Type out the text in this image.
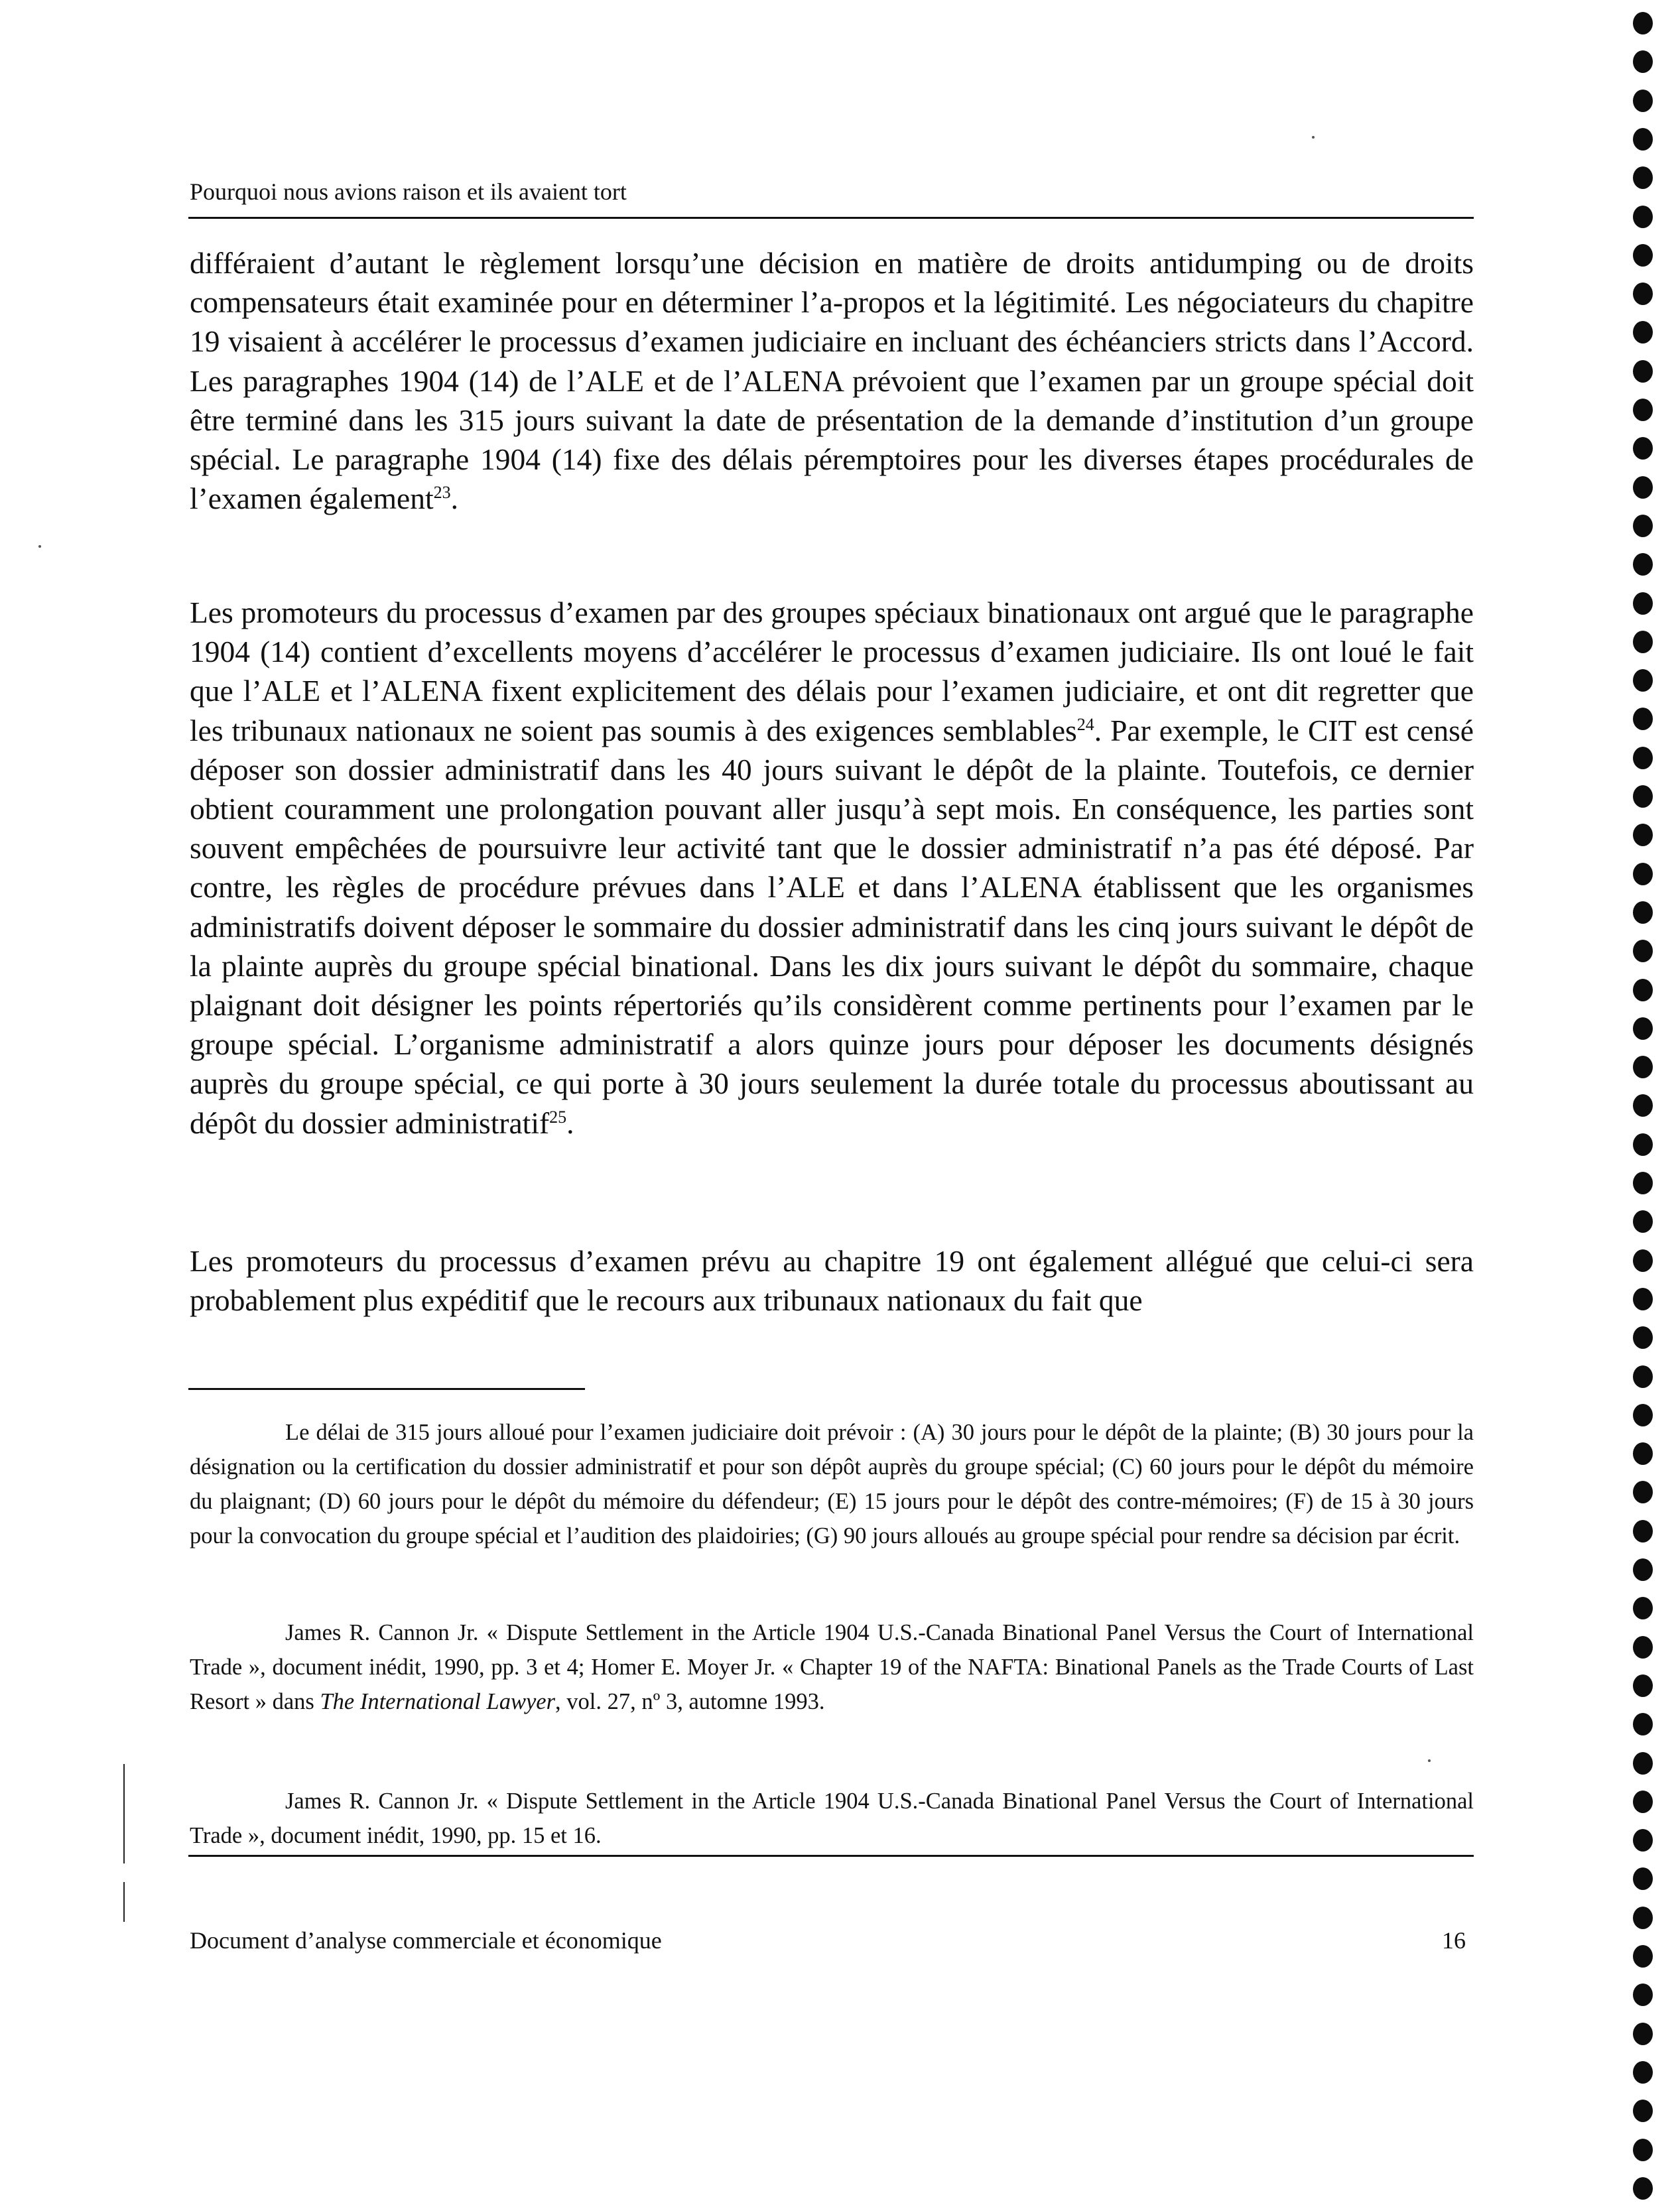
Pourquoi nous avions raison et ils avaient tort

différaient d’autant le règlement lorsqu’une décision en matière de droits antidumping ou de droits compensateurs était examinée pour en déterminer l’a-propos et la légitimité. Les négociateurs du chapitre 19 visaient à accélérer le processus d’examen judiciaire en incluant des échéanciers stricts dans l’Accord. Les paragraphes 1904 (14) de l’ALE et de l’ALENA prévoient que l’examen par un groupe spécial doit être terminé dans les 315 jours suivant la date de présentation de la demande d’institution d’un groupe spécial. Le paragraphe 1904 (14) fixe des délais péremptoires pour les diverses étapes procédurales de l’examen également$^{23}$.

Les promoteurs du processus d’examen par des groupes spéciaux binationaux ont argué que le paragraphe 1904 (14) contient d’excellents moyens d’accélérer le processus d’examen judiciaire. Ils ont loué le fait que l’ALE et l’ALENA fixent explicitement des délais pour l’examen judiciaire, et ont dit regretter que les tribunaux nationaux ne soient pas soumis à des exigences semblables$^{24}$. Par exemple, le CIT est censé déposer son dossier administratif dans les 40 jours suivant le dépôt de la plainte. Toutefois, ce dernier obtient couramment une prolongation pouvant aller jusqu’à sept mois. En conséquence, les parties sont souvent empêchées de poursuivre leur activité tant que le dossier administratif n’a pas été déposé. Par contre, les règles de procédure prévues dans l’ALE et dans l’ALENA établissent que les organismes administratifs doivent déposer le sommaire du dossier administratif dans les cinq jours suivant le dépôt de la plainte auprès du groupe spécial binational. Dans les dix jours suivant le dépôt du sommaire, chaque plaignant doit désigner les points répertoriés qu’ils considèrent comme pertinents pour l’examen par le groupe spécial. L’organisme administratif a alors quinze jours pour déposer les documents désignés auprès du groupe spécial, ce qui porte à 30 jours seulement la durée totale du processus aboutissant au dépôt du dossier administratif$^{25}$.

Les promoteurs du processus d’examen prévu au chapitre 19 ont également allégué que celui-ci sera probablement plus expéditif que le recours aux tribunaux nationaux du fait que

Le délai de 315 jours alloué pour l’examen judiciaire doit prévoir : (A) 30 jours pour le dépôt de la plainte; (B) 30 jours pour la désignation ou la certification du dossier administratif et pour son dépôt auprès du groupe spécial; (C) 60 jours pour le dépôt du mémoire du plaignant; (D) 60 jours pour le dépôt du mémoire du défendeur; (E) 15 jours pour le dépôt des contre-mémoires; (F) de 15 à 30 jours pour la convocation du groupe spécial et l’audition des plaidoiries; (G) 90 jours alloués au groupe spécial pour rendre sa décision par écrit.

James R. Cannon Jr. « Dispute Settlement in the Article 1904 U.S.-Canada Binational Panel Versus the Court of International Trade », document inédit, 1990, pp. 3 et 4; Homer E. Moyer Jr. « Chapter 19 of the NAFTA: Binational Panels as the Trade Courts of Last Resort » dans The International Lawyer, vol. 27, nº 3, automne 1993.

James R. Cannon Jr. « Dispute Settlement in the Article 1904 U.S.-Canada Binational Panel Versus the Court of International Trade », document inédit, 1990, pp. 15 et 16.

Document d’analyse commerciale et économique	16
